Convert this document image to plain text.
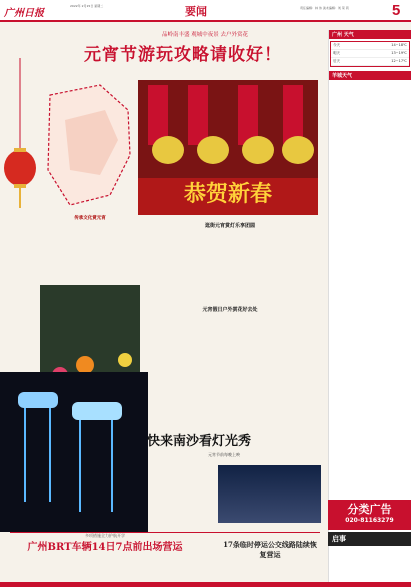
广州日报
2022年 2月15日 星期二	要闻	责任编辑：林 伟 美术编辑：刘 荣 莉	5
品岭南丰盛 观城中夜景 去户外赏花
元宵节游玩攻略请收好！
传承文化赏元宵
恭贺新春
逛街元宵赏灯乐享团圆
元宵假日户外赏花好去处
快来南沙看灯光秀
元宵节前每晚上映
多项措施全力护航开学
广州BRT车辆14日7点前出场营运	17条临时停运公交线路陆续恢复营运
广州 天气
今天	14~18℃
明天	13~19℃
后天	12~17℃
羊城天气
分类广告
020-81163279
启事
